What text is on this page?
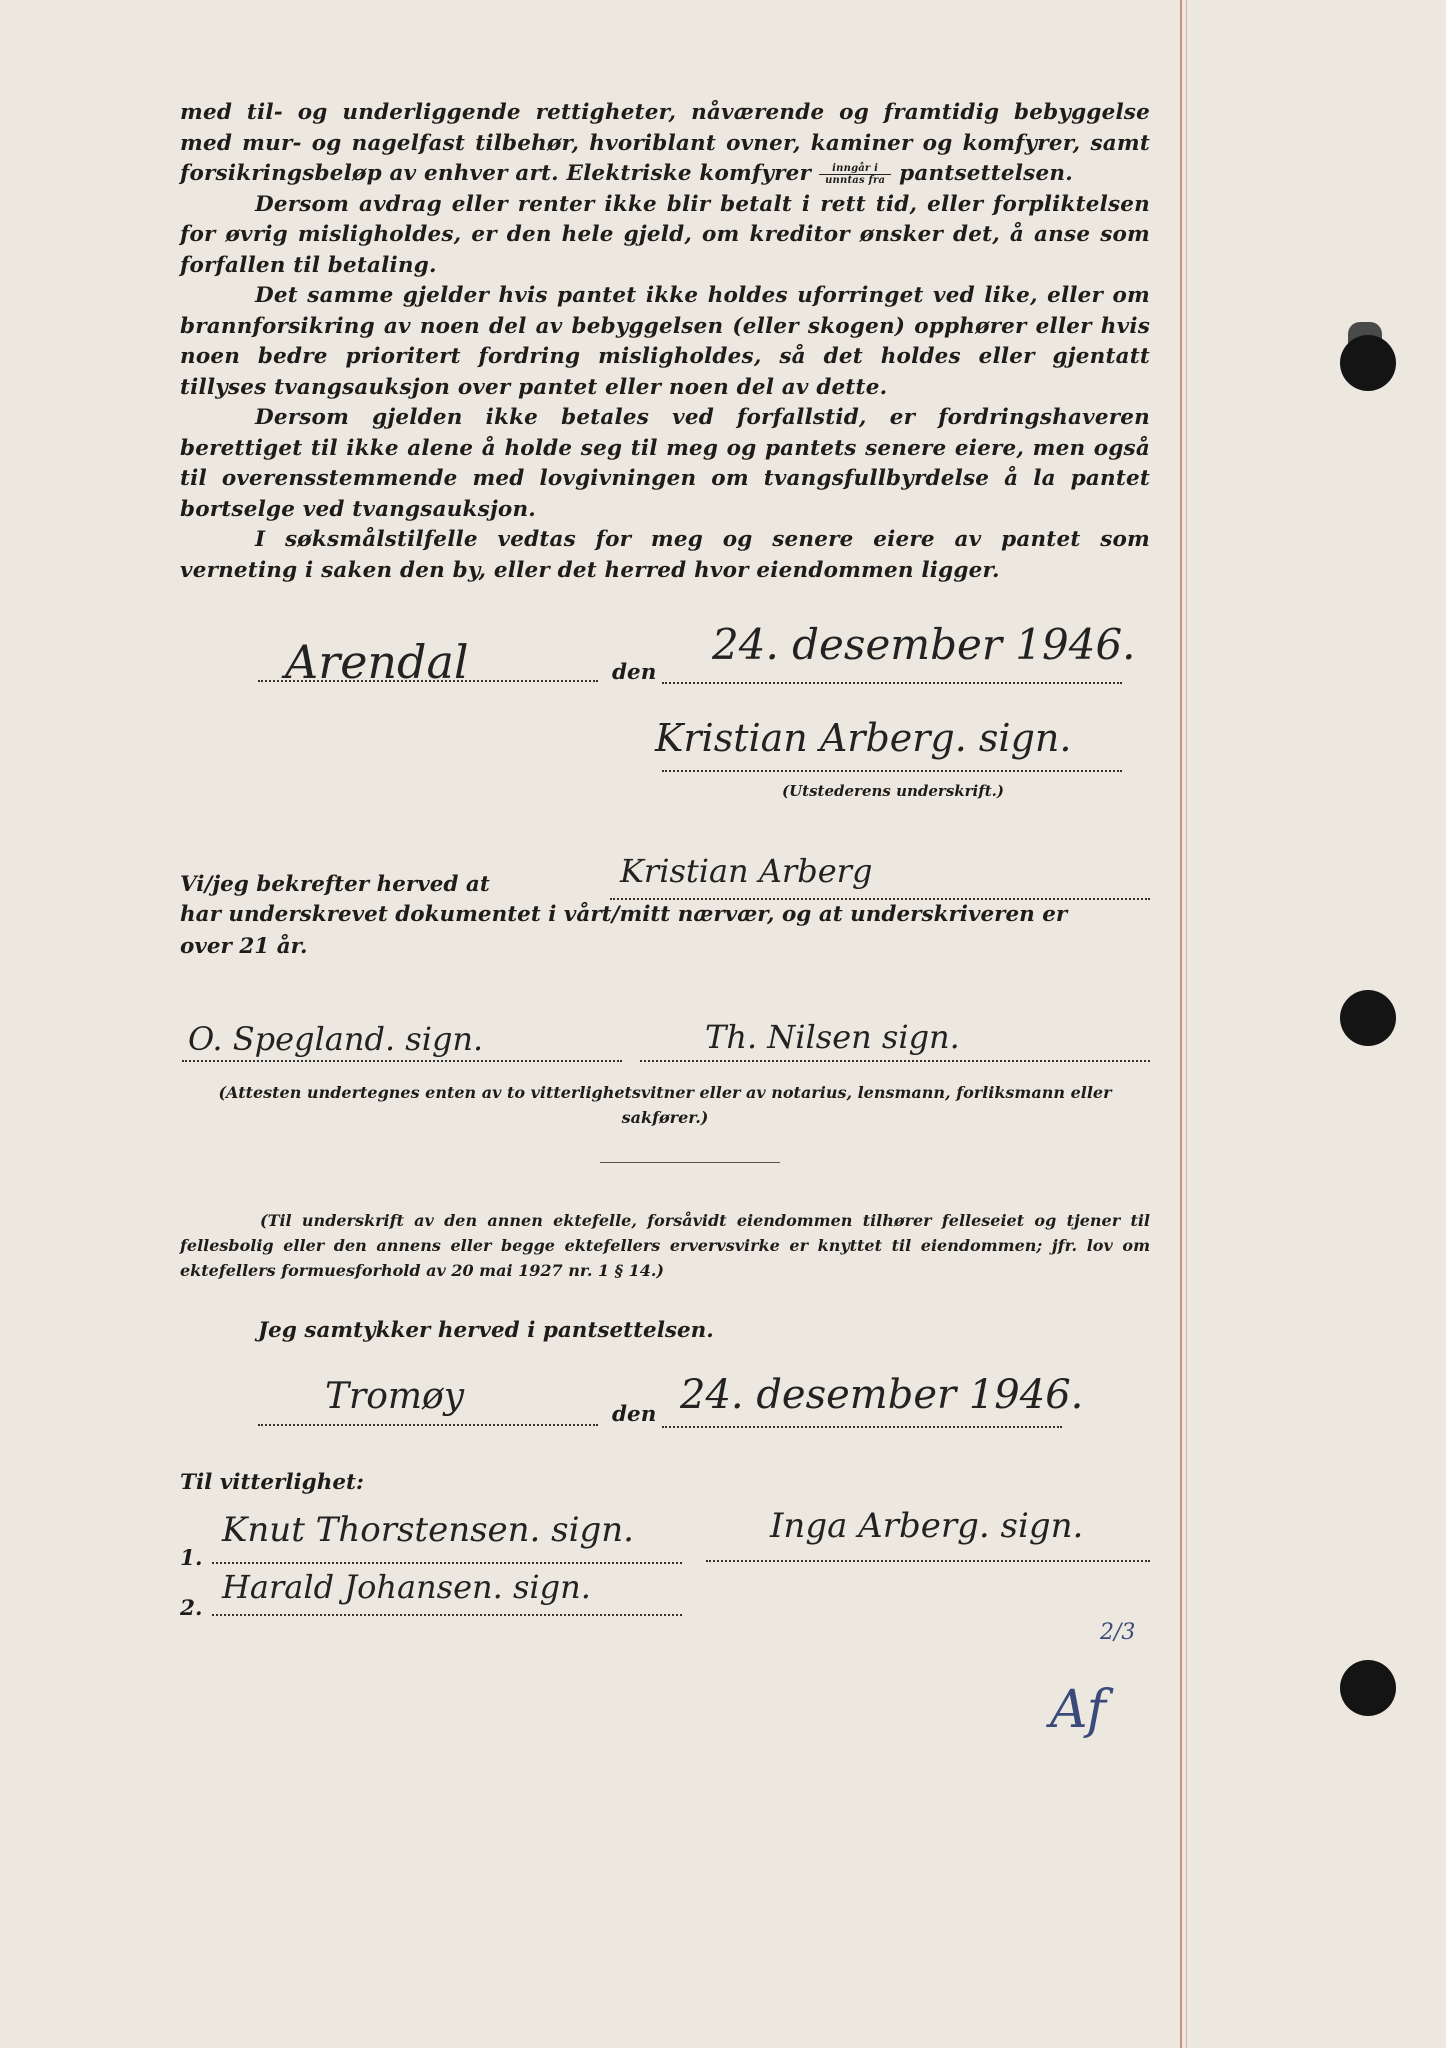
med til- og underliggende rettigheter, nåværende og framtidig bebyggelse med mur- og nagelfast tilbehør, hvoriblant ovner, kaminer og komfyrer, samt forsikringsbeløp av enhver art. Elektriske komfyrer $\frac{\text{inngår i}}{\text{unntas fra}}$ pantsettelsen.

Dersom avdrag eller renter ikke blir betalt i rett tid, eller forpliktelsen for øvrig misligholdes, er den hele gjeld, om kreditor ønsker det, å anse som forfallen til betaling.

Det samme gjelder hvis pantet ikke holdes uforringet ved like, eller om brannforsikring av noen del av bebyggelsen (eller skogen) opphører eller hvis noen bedre prioritert fordring misligholdes, så det holdes eller gjentatt tillyses tvangsauksjon over pantet eller noen del av dette.

Dersom gjelden ikke betales ved forfallstid, er fordringshaveren berettiget til ikke alene å holde seg til meg og pantets senere eiere, men også til overensstemmende med lovgivningen om tvangsfullbyrdelse å la pantet bortselge ved tvangsauksjon.

I søksmålstilfelle vedtas for meg og senere eiere av pantet som verneting i saken den by, eller det herred hvor eiendommen ligger.

Arendal	den
24. desember 1946.
Kristian Arberg. sign.
(Utstederens underskrift.)
Vi/jeg bekrefter herved at	Kristian Arberg
har underskrevet dokumentet i vårt/mitt nærvær, og at underskriveren er
over 21 år.
O. Spegland. sign.	Th. Nilsen sign.
(Attesten undertegnes enten av to vitterlighetsvitner eller av notarius, lensmann, forliksmann eller sakfører.)
(Til underskrift av den annen ektefelle, forsåvidt eiendommen tilhører felleseiet og tjener til fellesbolig eller den annens eller begge ektefellers ervervsvirke er knyttet til eiendommen; jfr. lov om ektefellers formuesforhold av 20 mai 1927 nr. 1 § 14.)
Jeg samtykker herved i pantsettelsen.
Tromøy	den 24. desember 1946.
Til vitterlighet:
1.
Knut Thorstensen. sign.	Inga Arberg. sign.
2.
Harald Johansen. sign.
Af
2/3
